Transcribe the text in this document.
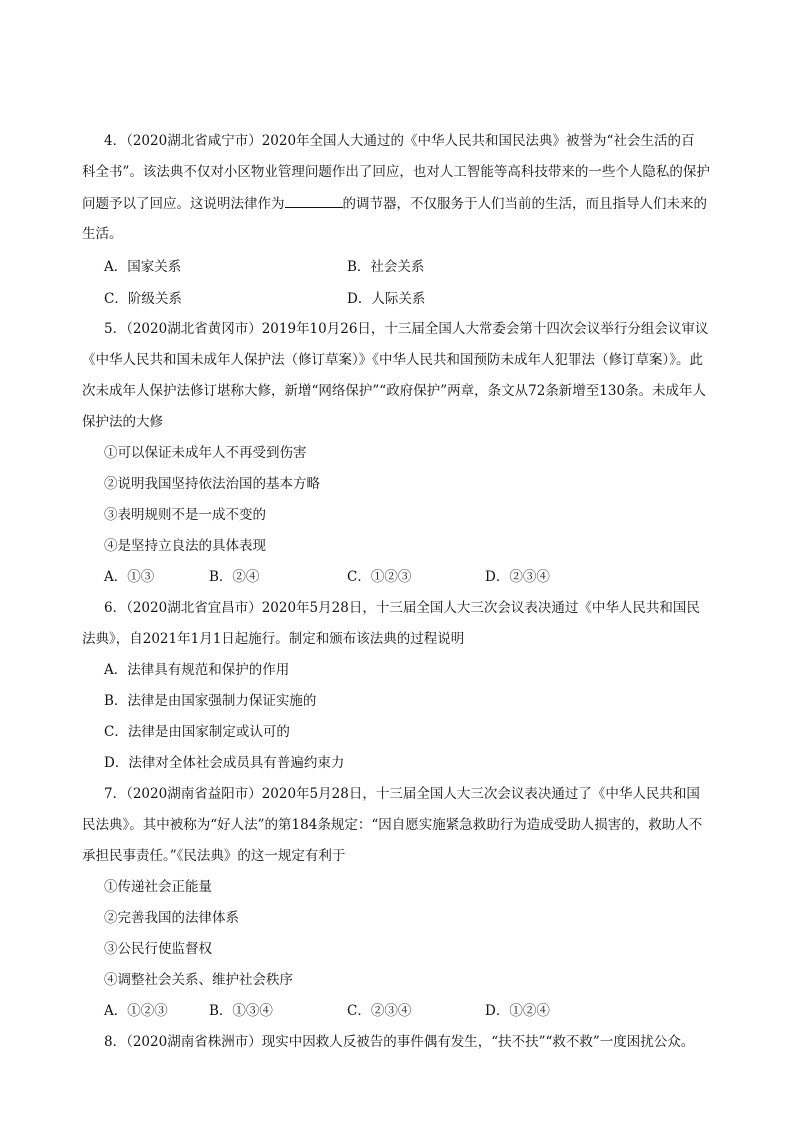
4．（2020湖北省咸宁市）2020年全国人大通过的《中华人民共和国民法典》被誉为“社会生活的百
科全书”。该法典不仅对小区物业管理问题作出了回应，也对人工智能等高科技带来的一些个人隐私的保护
问题予以了回应。这说明法律作为	的调节器，不仅服务于人们当前的生活，而且指导人们未来的
生活。
A．国家关系	B．社会关系
C．阶级关系	D．人际关系
5．（2020湖北省黄冈市）2019年10月26日，十三届全国人大常委会第十四次会议举行分组会议审议
《中华人民共和国未成年人保护法（修订草案）》《中华人民共和国预防未成年人犯罪法（修订草案）》。此
次未成年人保护法修订堪称大修，新增“网络保护”“政府保护”两章，条文从72条新增至130条。未成年人
保护法的大修
①可以保证未成年人不再受到伤害
②说明我国坚持依法治国的基本方略
③表明规则不是一成不变的
④是坚持立良法的具体表现
A．①③	B．②④	C．①②③	D．②③④
6．（2020湖北省宜昌市）2020年5月28日，十三届全国人大三次会议表决通过《中华人民共和国民
法典》，自2021年1月1日起施行。制定和颁布该法典的过程说明
A．法律具有规范和保护的作用
B．法律是由国家强制力保证实施的
C．法律是由国家制定或认可的
D．法律对全体社会成员具有普遍约束力
7．（2020湖南省益阳市）2020年5月28日，十三届全国人大三次会议表决通过了《中华人民共和国
民法典》。其中被称为“好人法”的第184条规定：“因自愿实施紧急救助行为造成受助人损害的，救助人不
承担民事责任。”《民法典》的这一规定有利于
①传递社会正能量
②完善我国的法律体系
③公民行使监督权
④调整社会关系、维护社会秩序
A．①②③	B．①③④	C．②③④	D．①②④
8．（2020湖南省株洲市）现实中因救人反被告的事件偶有发生，“扶不扶”“救不救”一度困扰公众。
